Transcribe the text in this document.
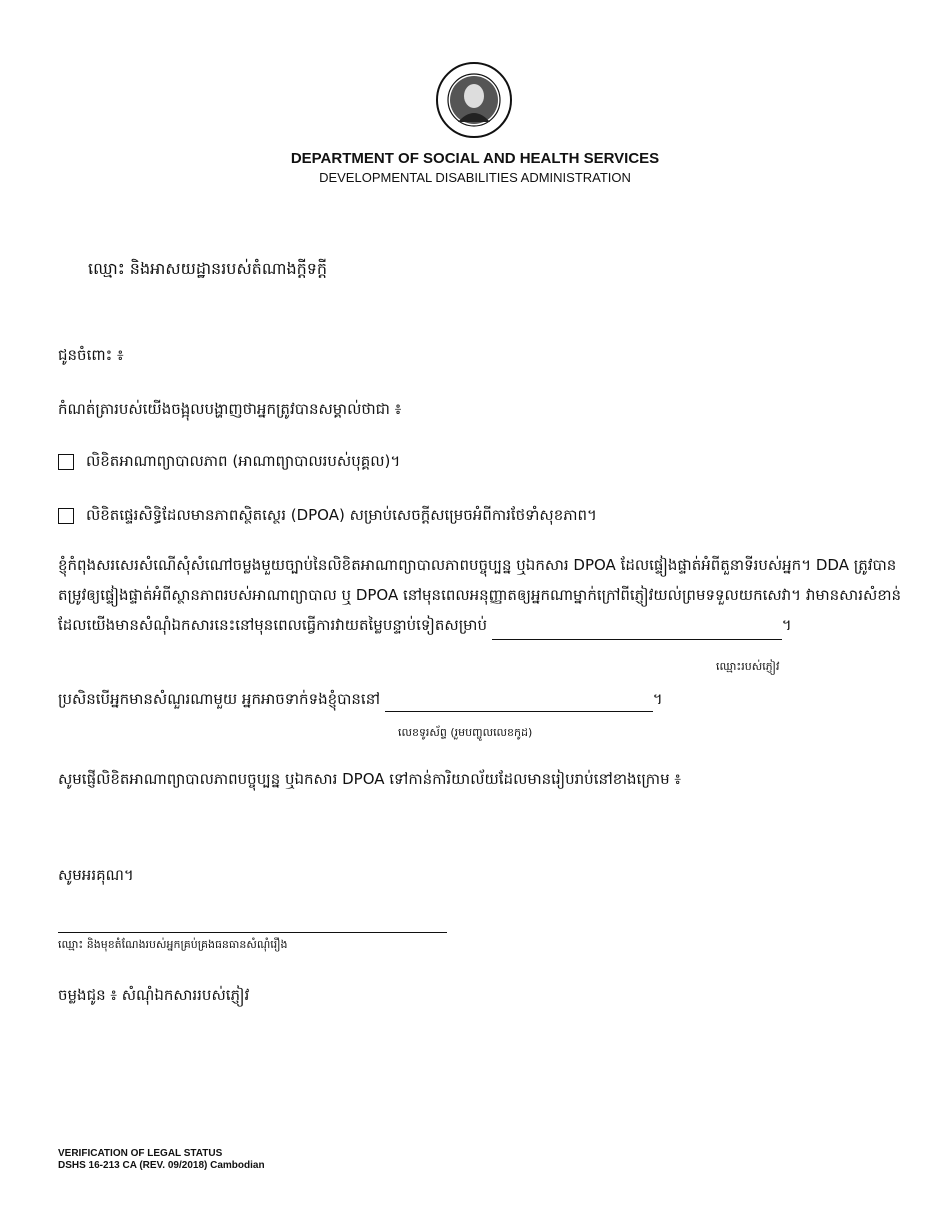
DEPARTMENT OF SOCIAL AND HEALTH SERVICES
DEVELOPMENTAL DISABILITIES ADMINISTRATION
ឈ្មោះ និងអាសយដ្ឋានរបស់តំណាងក្ដីទក្ដី
ជូនចំពោះ ៖
កំណត់ត្រារបស់យើងចង្អុលបង្ហាញថាអ្នកត្រូវបានសម្គាល់ថាជា ៖
លិខិតអាណាព្យាបាលភាព (អាណាព្យាបាលរបស់បុគ្គល)។
លិខិតផ្ទេរសិទ្ធិដែលមានភាពស្ថិតស្ថេរ (DPOA) សម្រាប់សេចក្ដីសម្រេចអំពីការថែទាំសុខភាព។
ខ្ញុំកំពុងសរសេរសំណើសុំសំណៅចម្លងមួយច្បាប់នៃលិខិតអាណាព្យាបាលភាពបច្ចុប្បន្ន ឬឯកសារ DPOA ដែលផ្ទៀងផ្ទាត់អំពីតួនាទីរបស់អ្នក។ DDA ត្រូវបានតម្រូវឲ្យផ្ទៀងផ្ទាត់អំពីស្ថានភាពរបស់អាណាព្យាបាល ឬ DPOA នៅមុនពេលអនុញ្ញាតឲ្យអ្នកណាម្នាក់ក្រៅពីភ្ញៀវយល់ព្រមទទួលយកសេវា។ វាមានសារសំខាន់ដែលយើងមានសំណុំឯកសារនេះនៅមុនពេលធ្វើការវាយតម្លៃបន្ទាប់ទៀតសម្រាប់	។
ឈ្មោះរបស់ភ្ញៀវ
ប្រសិនបើអ្នកមានសំណួរណាមួយ អ្នកអាចទាក់ទងខ្ញុំបាននៅ	។
លេខទូរស័ព្ទ (រួមបញ្ចូលលេខកូដ)
សូមផ្ញើលិខិតអាណាព្យាបាលភាពបច្ចុប្បន្ន ឬឯកសារ DPOA ទៅកាន់ការិយាល័យដែលមានរៀបរាប់នៅខាងក្រោម ៖
សូមអរគុណ។
ឈ្មោះ និងមុខតំណែងរបស់អ្នកគ្រប់គ្រងធនធានសំណុំរឿង
ចម្លងជូន ៖ សំណុំឯកសាររបស់ភ្ញៀវ
VERIFICATION OF LEGAL STATUS
DSHS 16-213 CA (REV. 09/2018) Cambodian
